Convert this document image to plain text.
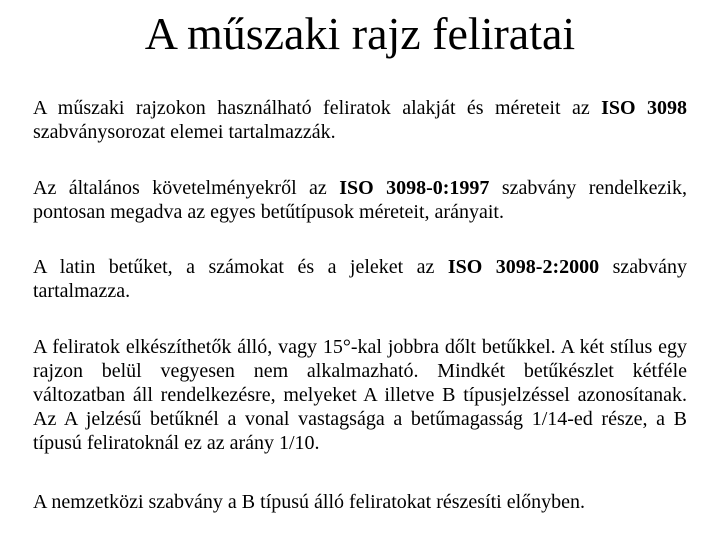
A műszaki rajz feliratai

A műszaki rajzokon használható feliratok alakját és méreteit az ISO 3098 szabványsorozat elemei tartalmazzák.

Az általános követelményekről az ISO 3098-0:1997 szabvány rendelkezik, pontosan megadva az egyes betűtípusok méreteit, arányait.

A latin betűket, a számokat és a jeleket az ISO 3098-2:2000 szabvány tartalmazza.

A feliratok elkészíthetők álló, vagy 15°-kal jobbra dőlt betűkkel. A két stílus egy rajzon belül vegyesen nem alkalmazható. Mindkét betűkészlet kétféle változatban áll rendelkezésre, melyeket A illetve B típusjelzéssel azonosítanak. Az A jelzésű betűknél a vonal vastagsága a betűmagasság 1/14-ed része, a B típusú feliratoknál ez az arány 1/10.

A nemzetközi szabvány a B típusú álló feliratokat részesíti előnyben.
